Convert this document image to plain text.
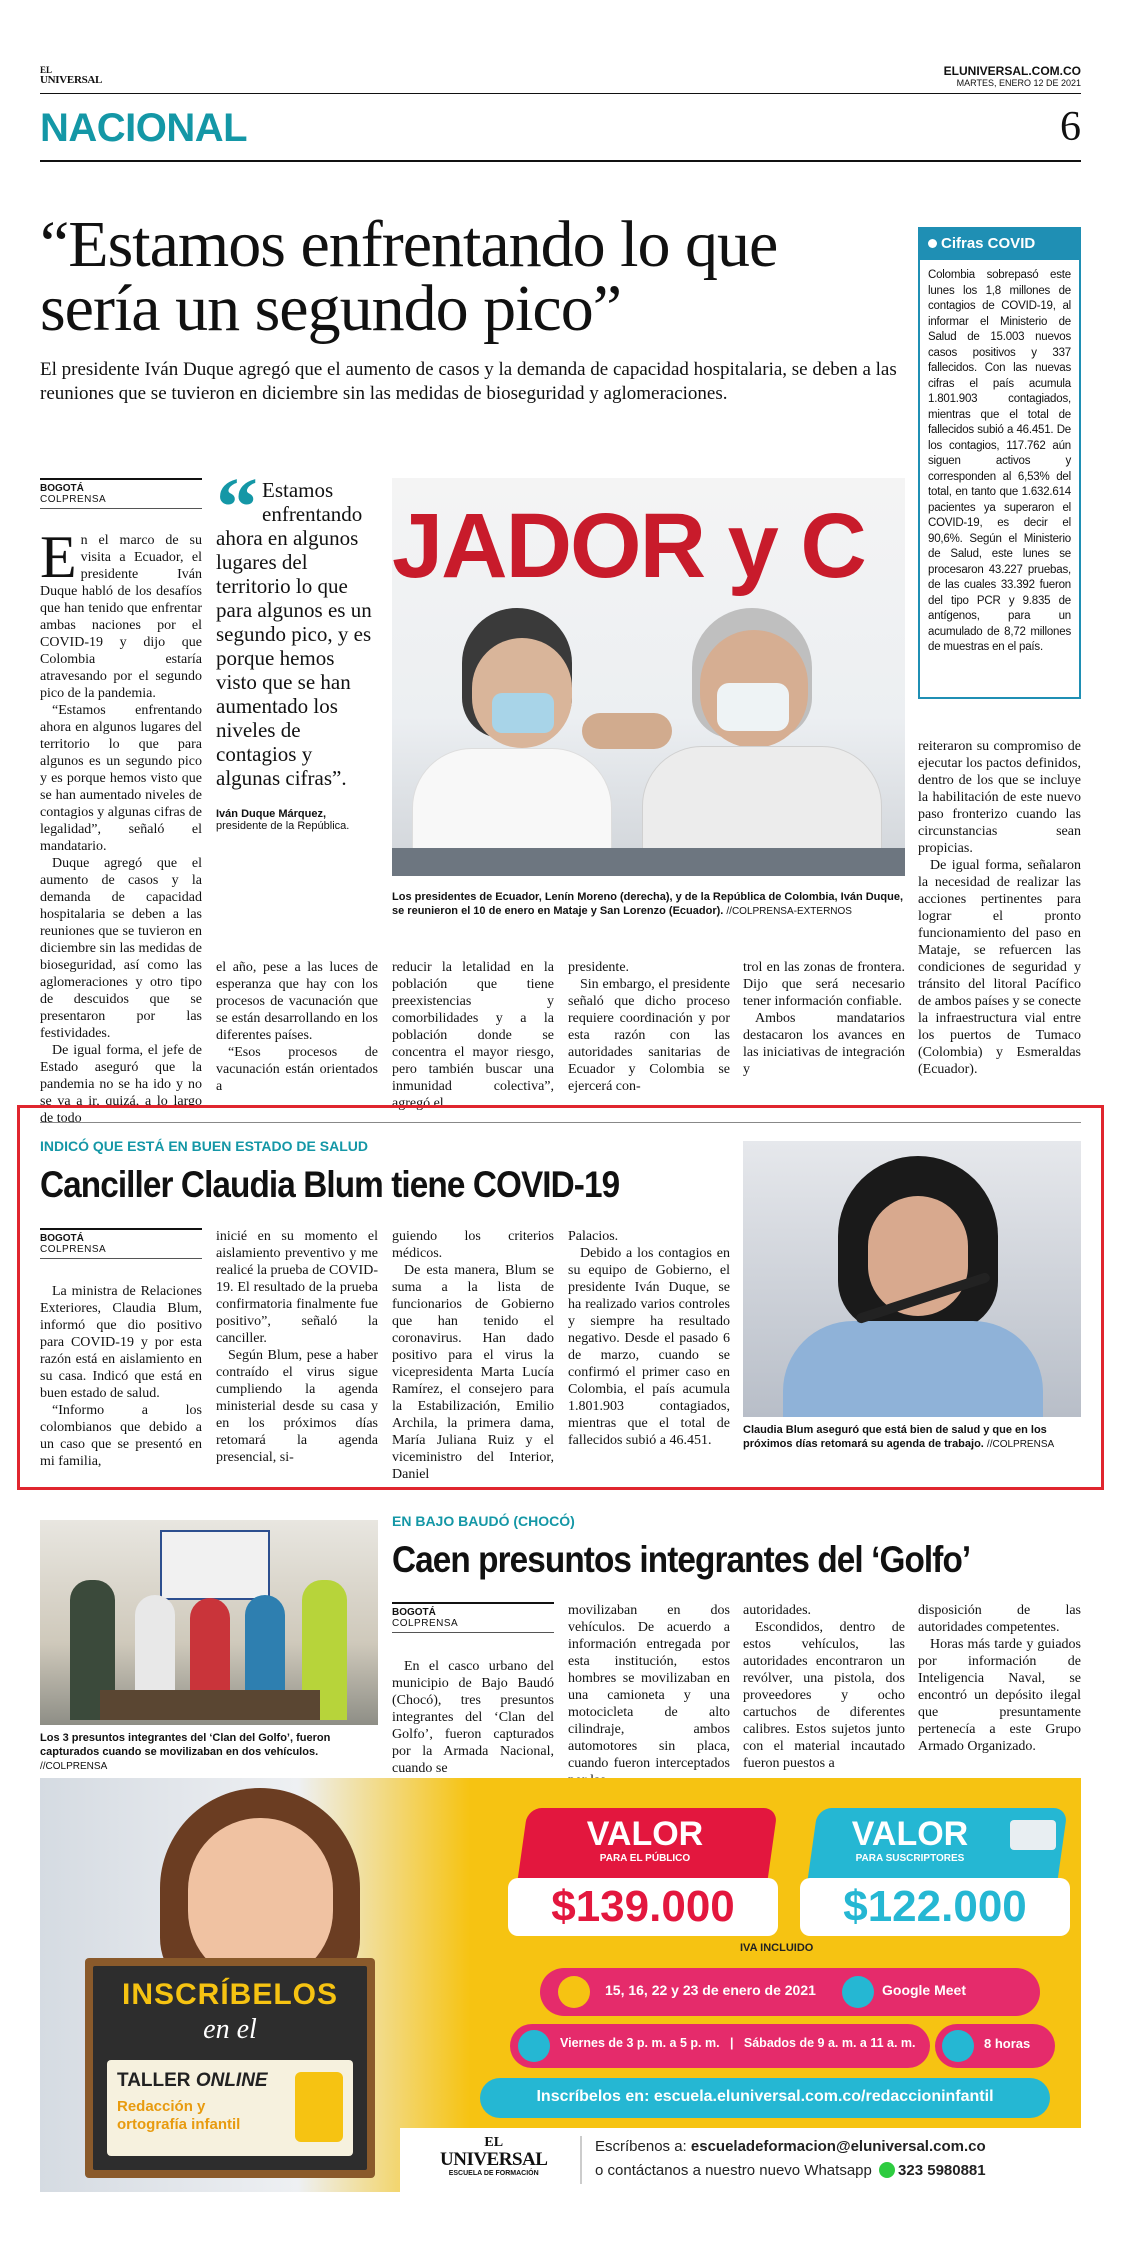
EL
UNIVERSAL
ELUNIVERSAL.COM.CO
MARTES, ENERO 12 DE 2021
NACIONAL	6
“Estamos enfrentando lo que sería un segundo pico”
El presidente Iván Duque agregó que el aumento de casos y la demanda de capacidad hospitalaria, se deben a las reuniones que se tuvieron en diciembre sin las medidas de bioseguridad y aglomeraciones.
Cifras COVID
Colombia sobrepasó este lunes los 1,8 millones de contagios de COVID-19, al informar el Ministerio de Salud de 15.003 nuevos casos positivos y 337 fallecidos. Con las nuevas cifras el país acumula 1.801.903 contagiados, mientras que el total de fallecidos subió a 46.451. De los contagios, 117.762 aún siguen activos y corresponden al 6,53% del total, en tanto que 1.632.614 pacientes ya superaron el COVID-19, es decir el 90,6%. Según el Ministerio de Salud, este lunes se procesaron 43.227 pruebas, de las cuales 33.392 fueron del tipo PCR y 9.835 de antígenos, para un acumulado de 8,72 millones de muestras en el país.
BOGOTÁ
COLPRENSA

En el marco de su visita a Ecuador, el presidente Iván Duque habló de los desafíos que han tenido que enfrentar ambas naciones por el COVID-19 y dijo que Colombia estaría atravesando por el segundo pico de la pandemia.

“Estamos enfrentando ahora en algunos lugares del territorio lo que para algunos es un segundo pico y es porque hemos visto que se han aumentado niveles de contagios y algunas cifras de legalidad”, señaló el mandatario.

Duque agregó que el aumento de casos y la demanda de capacidad hospitalaria se deben a las reuniones que se tuvieron en diciembre sin las medidas de bioseguridad, así como las aglomeraciones y otro tipo de descuidos que se presentaron por las festividades.

De igual forma, el jefe de Estado aseguró que la pandemia no se ha ido y no se va a ir, quizá, a lo largo de todo

“ Estamos enfrentando ahora en algunos lugares del territorio lo que para algunos es un segundo pico, y es porque hemos visto que se han aumentado los niveles de contagios y algunas cifras”.
Iván Duque Márquez,
presidente de la República.
JADOR y C
Los presidentes de Ecuador, Lenín Moreno (derecha), y de la República de Colombia, Iván Duque, se reunieron el 10 de enero en Mataje y San Lorenzo (Ecuador). //COLPRENSA-EXTERNOS

el año, pese a las luces de esperanza que hay con los procesos de vacunación que se están desarrollando en los diferentes países.

“Esos procesos de vacunación están orientados a

reducir la letalidad en la población que tiene preexistencias y comorbilidades y a la población donde se concentra el mayor riesgo, pero también buscar una inmunidad colectiva”, agregó el

presidente.

Sin embargo, el presidente señaló que dicho proceso requiere coordinación y por esta razón con las autoridades sanitarias de Ecuador y Colombia se ejercerá con-

trol en las zonas de frontera. Dijo que será necesario tener información confiable.

Ambos mandatarios destacaron los avances en las iniciativas de integración y

reiteraron su compromiso de ejecutar los pactos definidos, dentro de los que se incluye la habilitación de este nuevo paso fronterizo cuando las circunstancias sean propicias.

De igual forma, señalaron la necesidad de realizar las acciones pertinentes para lograr el pronto funcionamiento del paso en Mataje, se refuercen las condiciones de seguridad y tránsito del litoral Pacífico de ambos países y se conecte la infraestructura vial entre los puertos de Tumaco (Colombia) y Esmeraldas (Ecuador).

INDICÓ QUE ESTÁ EN BUEN ESTADO DE SALUD
Canciller Claudia Blum tiene COVID-19
BOGOTÁ
COLPRENSA

La ministra de Relaciones Exteriores, Claudia Blum, informó que dio positivo para COVID-19 y por esta razón está en aislamiento en su casa. Indicó que está en buen estado de salud.

“Informo a los colombianos que debido a un caso que se presentó en mi familia,

inicié en su momento el aislamiento preventivo y me realicé la prueba de COVID-19. El resultado de la prueba confirmatoria finalmente fue positivo”, señaló la canciller.

Según Blum, pese a haber contraído el virus sigue cumpliendo la agenda ministerial desde su casa y en los próximos días retomará la agenda presencial, si-

guiendo los criterios médicos.

De esta manera, Blum se suma a la lista de funcionarios de Gobierno que han tenido el coronavirus. Han dado positivo para el virus la vicepresidenta Marta Lucía Ramírez, el consejero para la Estabilización, Emilio Archila, la primera dama, María Juliana Ruiz y el viceministro del Interior, Daniel

Palacios.

Debido a los contagios en su equipo de Gobierno, el presidente Iván Duque, se ha realizado varios controles y siempre ha resultado negativo. Desde el pasado 6 de marzo, cuando se confirmó el primer caso en Colombia, el país acumula 1.801.903 contagiados, mientras que el total de fallecidos subió a 46.451.

Claudia Blum aseguró que está bien de salud y que en los próximos días retomará su agenda de trabajo. //COLPRENSA
Los 3 presuntos integrantes del ‘Clan del Golfo’, fueron capturados cuando se movilizaban en dos vehículos. //COLPRENSA
EN BAJO BAUDÓ (CHOCÓ)
Caen presuntos integrantes del ‘Golfo’
BOGOTÁ
COLPRENSA

En el casco urbano del municipio de Bajo Baudó (Chocó), tres presuntos integrantes del ‘Clan del Golfo’, fueron capturados por la Armada Nacional, cuando se

movilizaban en dos vehículos. De acuerdo a información entregada por esta institución, estos hombres se movilizaban en una camioneta y una motocicleta de alto cilindraje, ambos automotores sin placa, cuando fueron interceptados

autoridades.

Escondidos, dentro de estos vehículos, las autoridades encontraron un revólver, una pistola, dos proveedores y ocho cartuchos de diferentes calibres. Estos sujetos junto con el material incautado fueron puestos a

disposición de las autoridades competentes.

Horas más tarde y guiados por información de Inteligencia Naval, se encontró un depósito ilegal que presuntamente pertenecía a este Grupo Armado Organizado.

INSCRÍBELOS
en el
TALLER ONLINE
Redacción y
ortografía infantil
VALOR
PARA EL PÚBLICO
$139.000
VALOR
PARA SUSCRIPTORES
$122.000
IVA INCLUIDO
15, 16, 22 y 23 de enero de 2021	Google Meet
Viernes de 3 p. m. a 5 p. m.   |   Sábados de 9 a. m. a 11 a. m.	8 horas
Inscríbelos en: escuela.eluniversal.com.co/redaccioninfantil
EL
UNIVERSAL
ESCUELA DE FORMACIÓN
Escríbenos a: escueladeformacion@eluniversal.com.co
o contáctanos a nuestro nuevo Whatsapp 323 5980881
